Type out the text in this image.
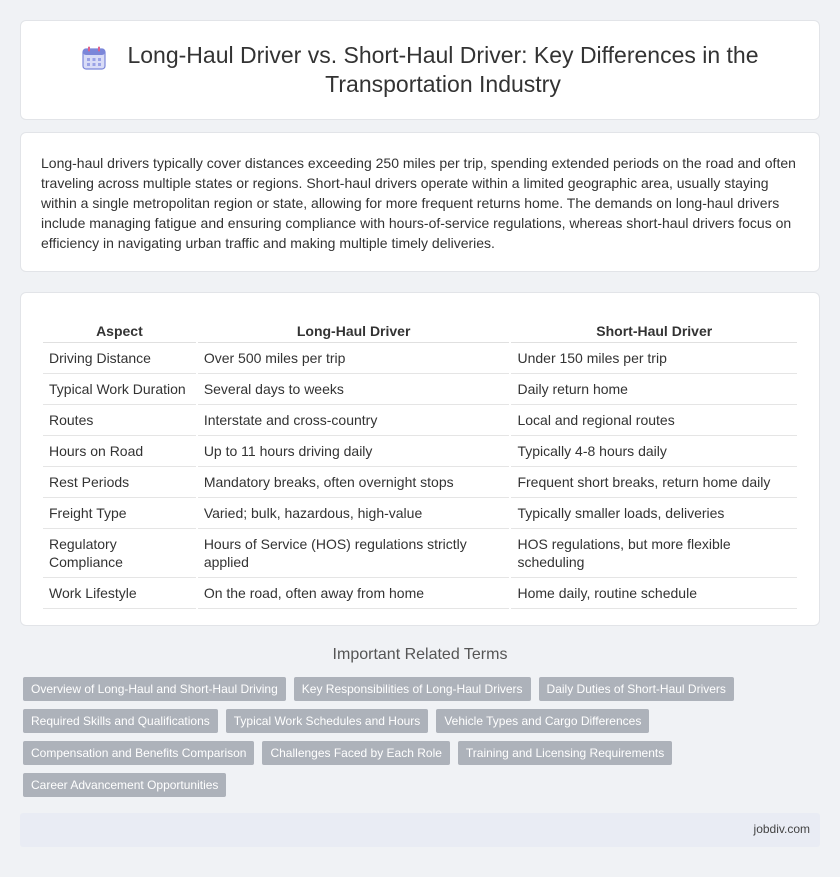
Long-Haul Driver vs. Short-Haul Driver: Key Differences in the Transportation Industry

Long-haul drivers typically cover distances exceeding 250 miles per trip, spending extended periods on the road and often traveling across multiple states or regions. Short-haul drivers operate within a limited geographic area, usually staying within a single metropolitan region or state, allowing for more frequent returns home. The demands on long-haul drivers include managing fatigue and ensuring compliance with hours-of-service regulations, whereas short-haul drivers focus on efficiency in navigating urban traffic and making multiple timely deliveries.

Aspect	Long-Haul Driver	Short-Haul Driver
Driving Distance	Over 500 miles per trip	Under 150 miles per trip
Typical Work Duration	Several days to weeks	Daily return home
Routes	Interstate and cross-country	Local and regional routes
Hours on Road	Up to 11 hours driving daily	Typically 4-8 hours daily
Rest Periods	Mandatory breaks, often overnight stops	Frequent short breaks, return home daily
Freight Type	Varied; bulk, hazardous, high-value	Typically smaller loads, deliveries
Regulatory Compliance	Hours of Service (HOS) regulations strictly applied	HOS regulations, but more flexible scheduling
Work Lifestyle	On the road, often away from home	Home daily, routine schedule
Important Related Terms
Overview of Long-Haul and Short-Haul Driving	Key Responsibilities of Long-Haul Drivers	Daily Duties of Short-Haul Drivers
Required Skills and Qualifications	Typical Work Schedules and Hours	Vehicle Types and Cargo Differences
Compensation and Benefits Comparison	Challenges Faced by Each Role	Training and Licensing Requirements
Career Advancement Opportunities
jobdiv.com
